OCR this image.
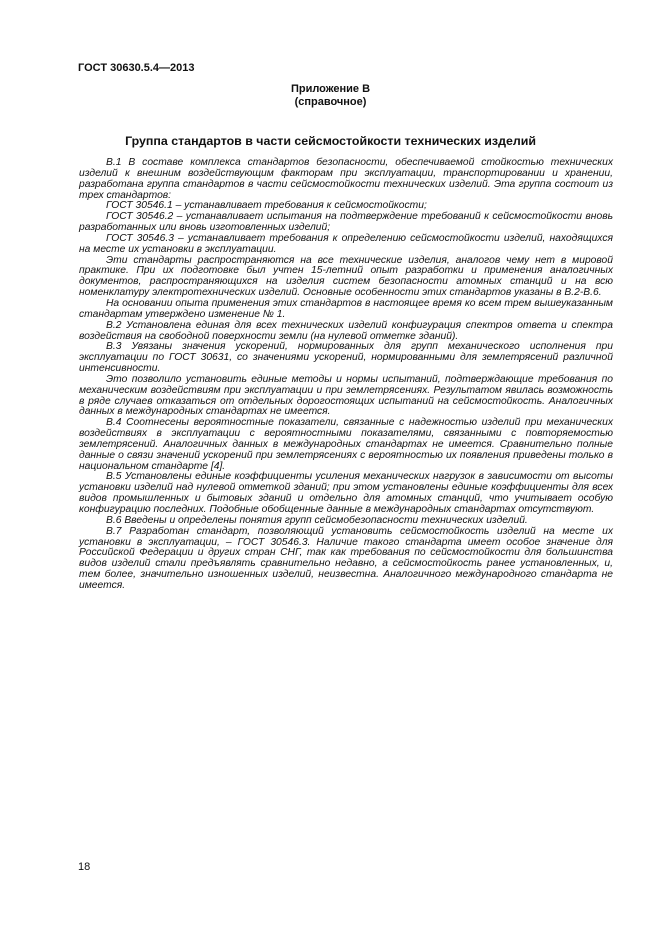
ГОСТ 30630.5.4—2013
Приложение В
(справочное)
Группа стандартов в части сейсмостойкости технических изделий

В.1 В составе комплекса стандартов безопасности, обеспечиваемой стойкостью технических изделий к внешним воздействующим факторам при эксплуатации, транспортировании и хранении, разработана группа стандартов в части сейсмостойкости технических изделий. Эта группа состоит из трех стандартов:

ГОСТ 30546.1 – устанавливает требования к сейсмостойкости;

ГОСТ 30546.2 – устанавливает испытания на подтверждение требований к сейсмостойкости вновь разработанных или вновь изготовленных изделий;

ГОСТ 30546.3 – устанавливает требования к определению сейсмостойкости изделий, находящихся на месте их установки в эксплуатации.

Эти стандарты распространяются на все технические изделия, аналогов чему нет в мировой практике. При их подготовке был учтен 15-летний опыт разработки и применения аналогичных документов, распространяющихся на изделия систем безопасности атомных станций и на всю номенклатуру электротехнических изделий. Основные особенности этих стандартов указаны в В.2-В.6.

На основании опыта применения этих стандартов в настоящее время ко всем трем вышеуказанным стандартам утверждено изменение № 1.

В.2 Установлена единая для всех технических изделий конфигурация спектров ответа и спектра воздействия на свободной поверхности земли (на нулевой отметке зданий).

В.3 Увязаны значения ускорений, нормированных для групп механического исполнения при эксплуатации по ГОСТ 30631, со значениями ускорений, нормированными для землетрясений различной интенсивности.

Это позволило установить единые методы и нормы испытаний, подтверждающие требования по механическим воздействиям при эксплуатации и при землетрясениях. Результатом явилась возможность в ряде случаев отказаться от отдельных дорогостоящих испытаний на сейсмостойкость. Аналогичных данных в международных стандартах не имеется.

В.4 Соотнесены вероятностные показатели, связанные с надежностью изделий при механических воздействиях в эксплуатации с вероятностными показателями, связанными с повторяемостью землетрясений. Аналогичных данных в международных стандартах не имеется. Сравнительно полные данные о связи значений ускорений при землетрясениях с вероятностью их появления приведены только в национальном стандарте [4].

В.5 Установлены единые коэффициенты усиления механических нагрузок в зависимости от высоты установки изделий над нулевой отметкой зданий; при этом установлены единые коэффициенты для всех видов промышленных и бытовых зданий и отдельно для атомных станций, что учитывает особую конфигурацию последних. Подобные обобщенные данные в международных стандартах отсутствуют.

В.6 Введены и определены понятия групп сейсмобезопасности технических изделий.

В.7 Разработан стандарт, позволяющий установить сейсмостойкость изделий на месте их установки в эксплуатации, – ГОСТ 30546.3. Наличие такого стандарта имеет особое значение для Российской Федерации и других стран СНГ, так как требования по сейсмостойкости для большинства видов изделий стали предъявлять сравнительно недавно, а сейсмостойкость ранее установленных, и, тем более, значительно изношенных изделий, неизвестна. Аналогичного международного стандарта не имеется.

18
